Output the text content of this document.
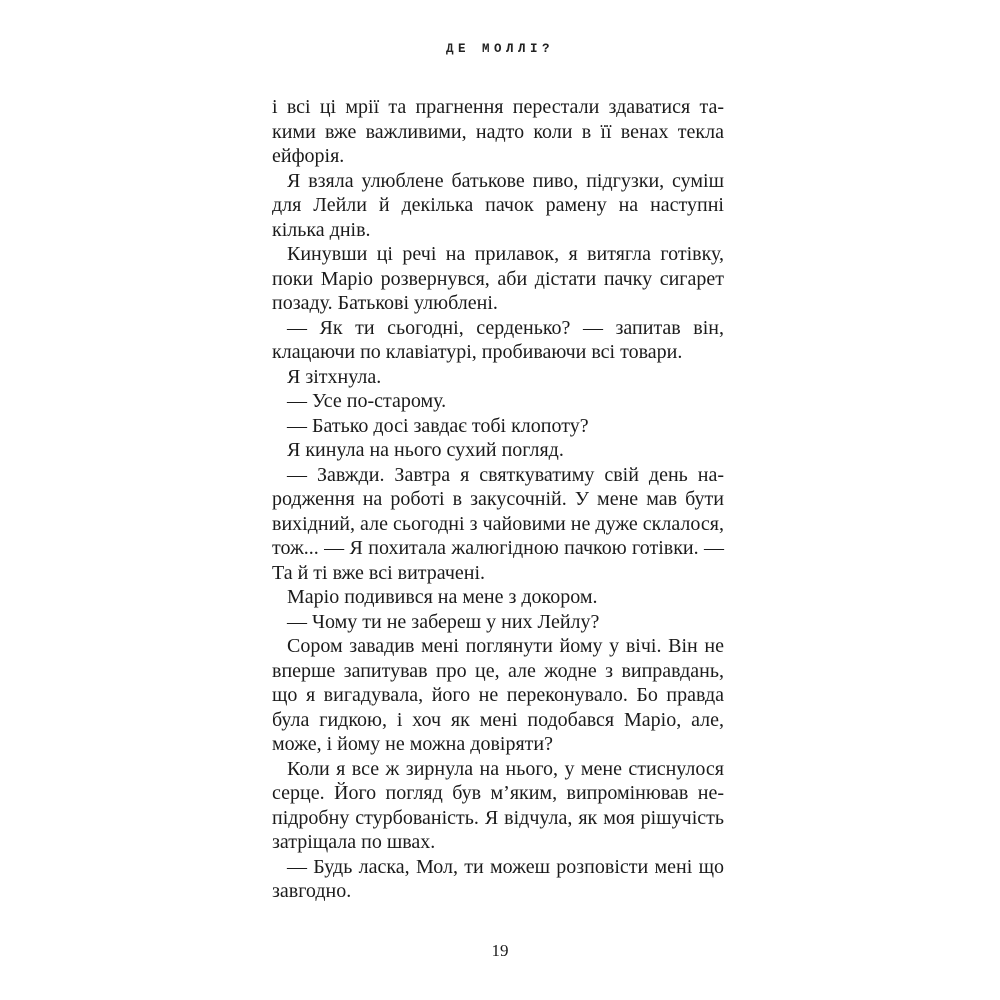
ДЕ МОЛЛІ?

і всі ці мрії та прагнення перестали здаватися такими вже важливими, надто коли в її венах текла ейфорія.

Я взяла улюблене батькове пиво, підгузки, суміш для Лейли й декілька пачок рамену на наступні кілька днів.

Кинувши ці речі на прилавок, я витягла готівку, поки Маріо розвернувся, аби дістати пачку сигарет позаду. Батькові улюблені.

— Як ти сьогодні, серденько? — запитав він, клацаючи по клавіатурі, пробиваючи всі товари.

Я зітхнула.

— Усе по-старому.

— Батько досі завдає тобі клопоту?

Я кинула на нього сухий погляд.

— Завжди. Завтра я святкуватиму свій день народження на роботі в закусочній. У мене мав бути вихідний, але сьогодні з чайовими не дуже склалося, тож... — Я похитала жалюгідною пачкою готівки. — Та й ті вже всі витрачені.

Маріо подивився на мене з докором.

— Чому ти не забереш у них Лейлу?

Сором завадив мені поглянути йому у вічі. Він не вперше запитував про це, але жодне з виправдань, що я вигадувала, його не переконувало. Бо правда була гидкою, і хоч як мені подобався Маріо, але, може, і йому не можна довіряти?

Коли я все ж зирнула на нього, у мене стиснулося серце. Його погляд був м’яким, випромінював непідробну стурбованість. Я відчула, як моя рішучість затріщала по швах.

— Будь ласка, Мол, ти можеш розповісти мені що завгодно.

19
